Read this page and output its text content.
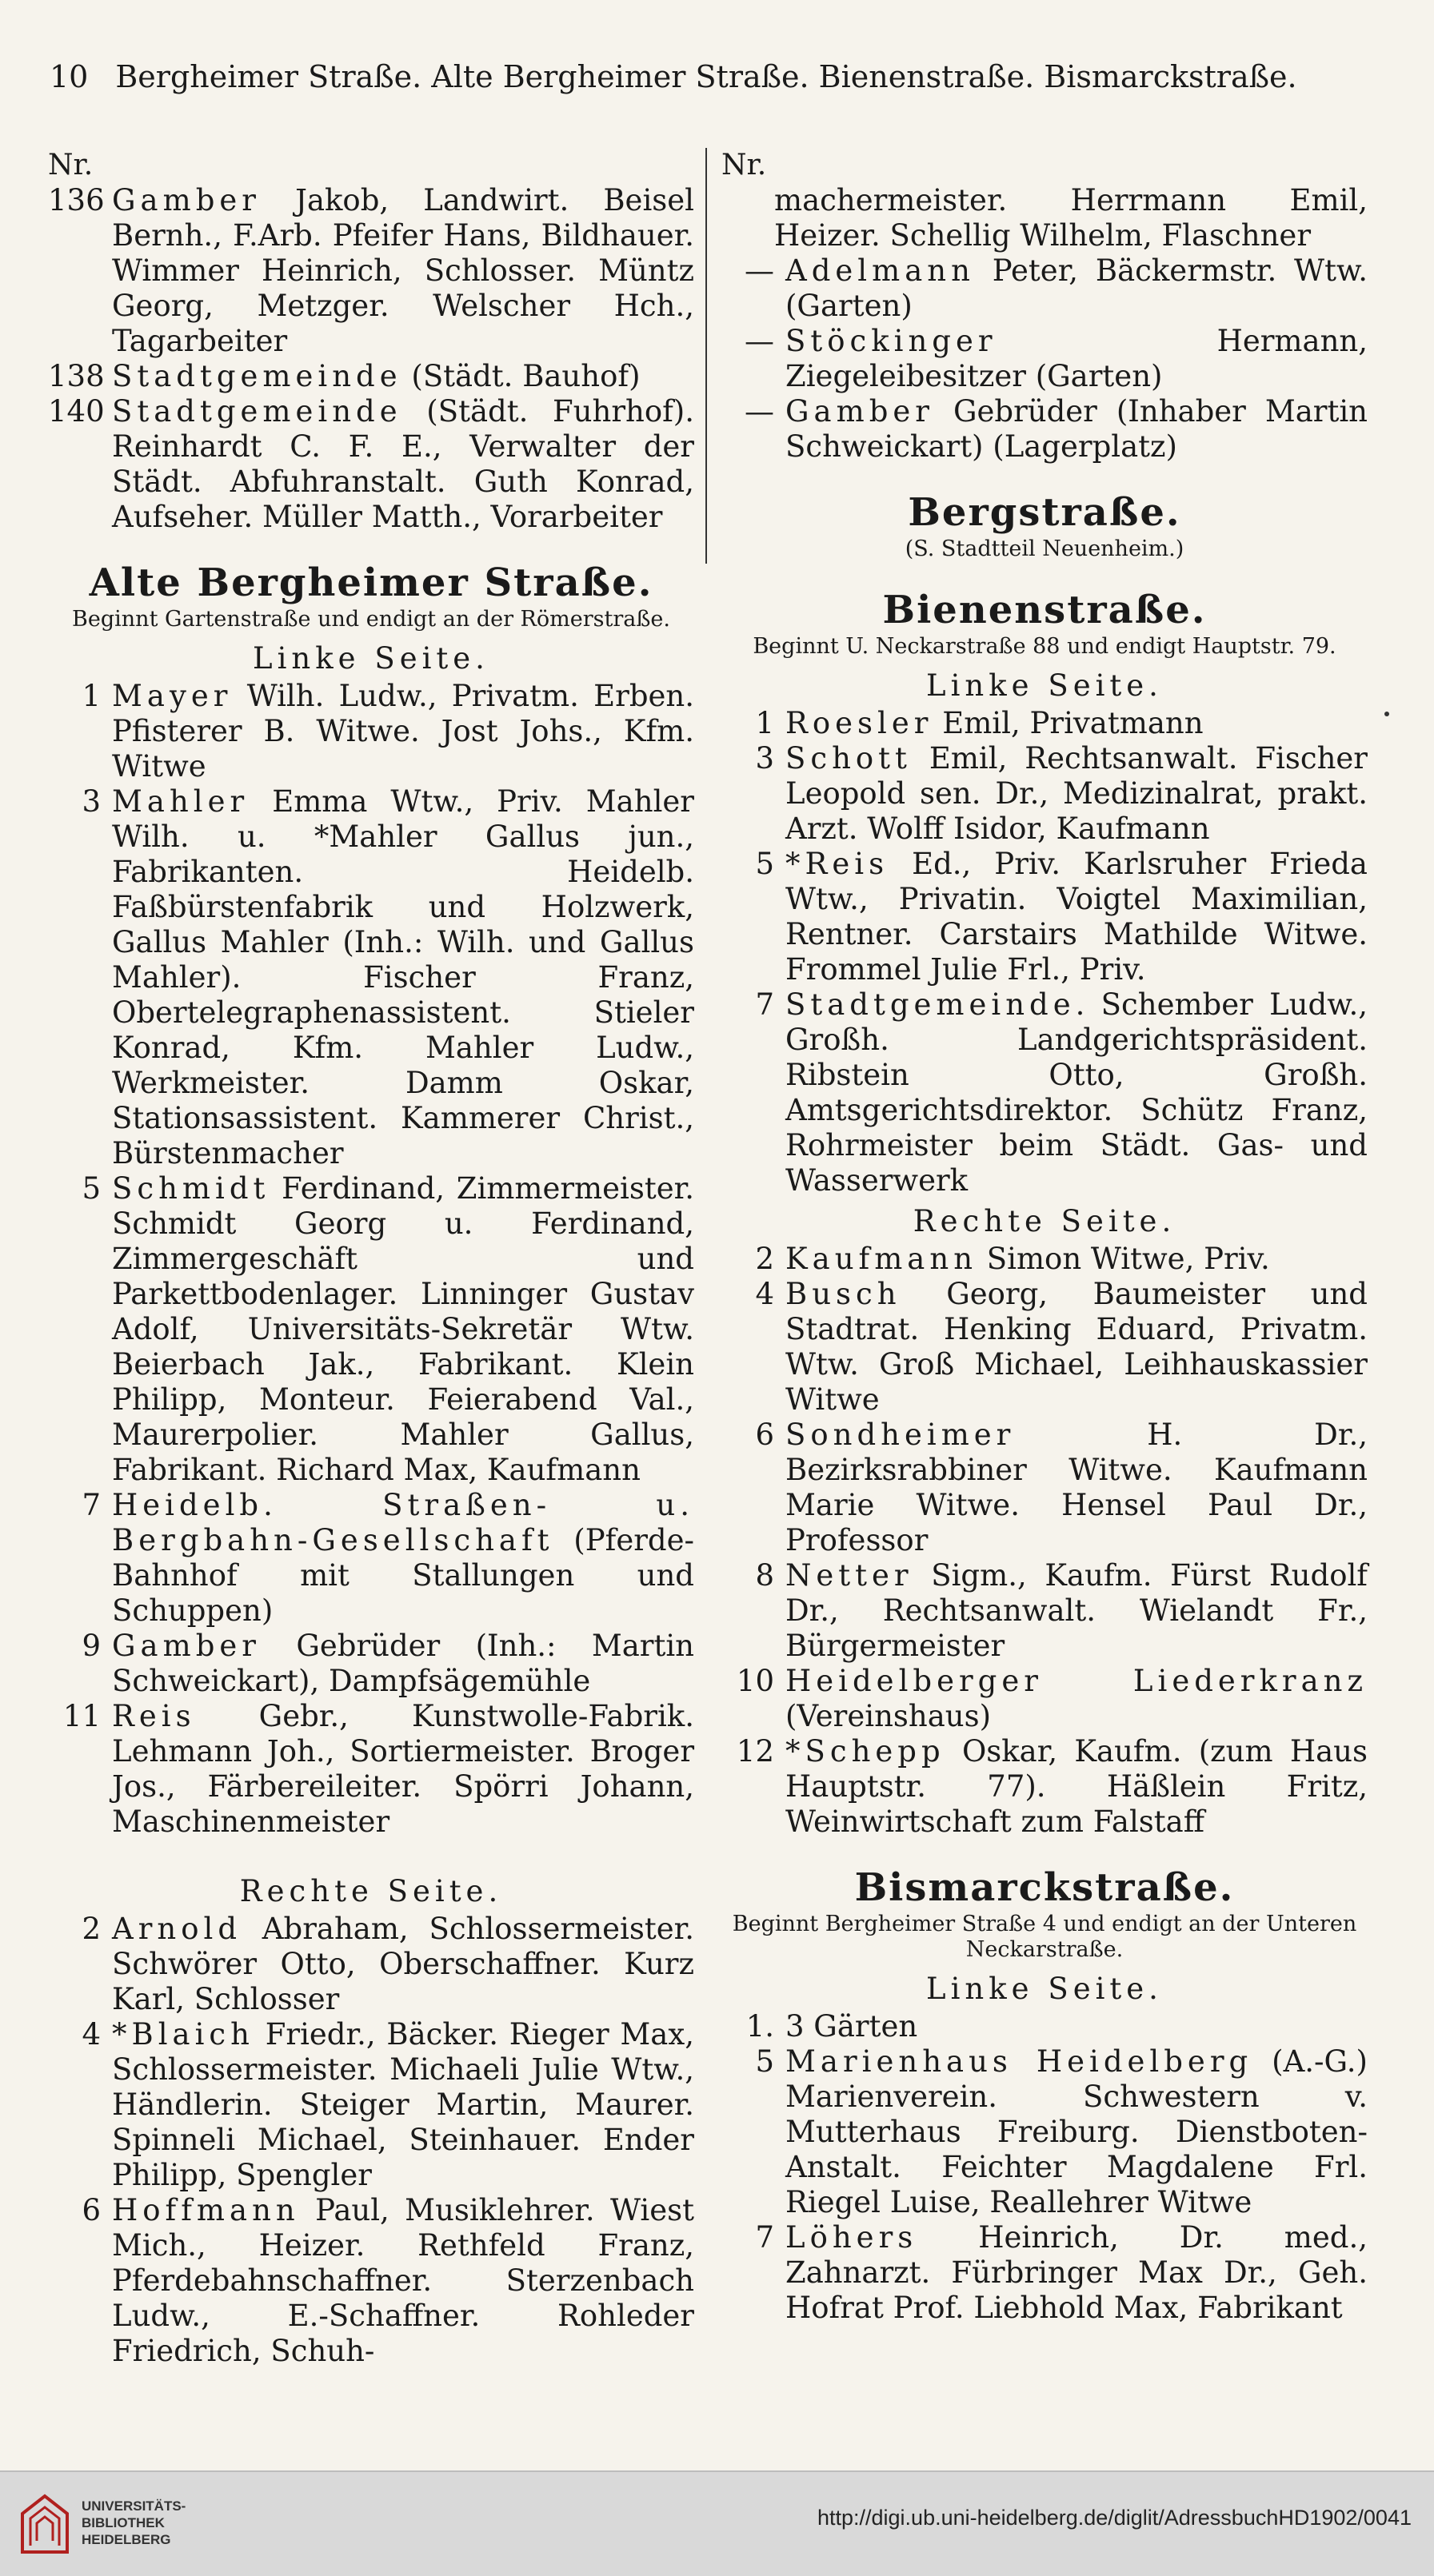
10 Bergheimer Straße. Alte Bergheimer Straße. Bienenstraße. Bismarckstraße.
Nr.
136 Gamber Jakob, Landwirt. Beisel Bernh., F.Arb. Pfeifer Hans, Bildhauer. Wimmer Heinrich, Schlosser. Müntz Georg, Metzger. Welscher Hch., Tagarbeiter
138 Stadtgemeinde (Städt. Bauhof)
140 Stadtgemeinde (Städt. Fuhrhof). Reinhardt C. F. E., Verwalter der Städt. Abfuhranstalt. Guth Konrad, Aufseher. Müller Matth., Vorarbeiter
Alte Bergheimer Straße.
Beginnt Gartenstraße und endigt an der Römerstraße.
Linke Seite.
1 Mayer Wilh. Ludw., Privatm. Erben. Pfisterer B. Witwe. Jost Johs., Kfm. Witwe
3 Mahler Emma Wtw., Priv. Mahler Wilh. u. *Mahler Gallus jun., Fabrikanten. Heidelb. Faßbürstenfabrik und Holzwerk, Gallus Mahler (Inh.: Wilh. und Gallus Mahler). Fischer Franz, Obertelegraphenassistent. Stieler Konrad, Kfm. Mahler Ludw., Werkmeister. Damm Oskar, Stationsassistent. Kammerer Christ., Bürstenmacher
5 Schmidt Ferdinand, Zimmermeister. Schmidt Georg u. Ferdinand, Zimmergeschäft und Parkettbodenlager. Linninger Gustav Adolf, Universitäts-Sekretär Wtw. Beierbach Jak., Fabrikant. Klein Philipp, Monteur. Feierabend Val., Maurerpolier. Mahler Gallus, Fabrikant. Richard Max, Kaufmann
7 Heidelb. Straßen- u. Bergbahn-Gesellschaft (Pferde-Bahnhof mit Stallungen und Schuppen)
9 Gamber Gebrüder (Inh.: Martin Schweickart), Dampfsägemühle
11 Reis Gebr., Kunstwolle-Fabrik. Lehmann Joh., Sortiermeister. Broger Jos., Färbereileiter. Spörri Johann, Maschinenmeister
Rechte Seite.
2 Arnold Abraham, Schlossermeister. Schwörer Otto, Oberschaffner. Kurz Karl, Schlosser
4 *Blaich Friedr., Bäcker. Rieger Max, Schlossermeister. Michaeli Julie Wtw., Händlerin. Steiger Martin, Maurer. Spinneli Michael, Steinhauer. Ender Philipp, Spengler
6 Hoffmann Paul, Musiklehrer. Wiest Mich., Heizer. Rethfeld Franz, Pferdebahnschaffner. Sterzenbach Ludw., E.-Schaffner. Rohleder Friedrich, Schuh-
Nr.
machermeister. Herrmann Emil, Heizer. Schellig Wilhelm, Flaschner
— Adelmann Peter, Bäckermstr. Wtw. (Garten)
— Stöckinger Hermann, Ziegeleibesitzer (Garten)
— Gamber Gebrüder (Inhaber Martin Schweickart) (Lagerplatz)
Bergstraße.
(S. Stadtteil Neuenheim.)
Bienenstraße.
Beginnt U. Neckarstraße 88 und endigt Hauptstr. 79.
Linke Seite.
1 Roesler Emil, Privatmann
3 Schott Emil, Rechtsanwalt. Fischer Leopold sen. Dr., Medizinalrat, prakt. Arzt. Wolff Isidor, Kaufmann
5 *Reis Ed., Priv. Karlsruher Frieda Wtw., Privatin. Voigtel Maximilian, Rentner. Carstairs Mathilde Witwe. Frommel Julie Frl., Priv.
7 Stadtgemeinde. Schember Ludw., Großh. Landgerichtspräsident. Ribstein Otto, Großh. Amtsgerichtsdirektor. Schütz Franz, Rohrmeister beim Städt. Gas- und Wasserwerk
Rechte Seite.
2 Kaufmann Simon Witwe, Priv.
4 Busch Georg, Baumeister und Stadtrat. Henking Eduard, Privatm. Wtw. Groß Michael, Leihhauskassier Witwe
6 Sondheimer H. Dr., Bezirksrabbiner Witwe. Kaufmann Marie Witwe. Hensel Paul Dr., Professor
8 Netter Sigm., Kaufm. Fürst Rudolf Dr., Rechtsanwalt. Wielandt Fr., Bürgermeister
10 Heidelberger Liederkranz (Vereinshaus)
12 *Schepp Oskar, Kaufm. (zum Haus Hauptstr. 77). Häßlein Fritz, Weinwirtschaft zum Falstaff
Bismarckstraße.
Beginnt Bergheimer Straße 4 und endigt an der Unteren Neckarstraße.
Linke Seite.
1. 3 Gärten
5 Marienhaus Heidelberg (A.-G.) Marienverein. Schwestern v. Mutterhaus Freiburg. Dienstboten-Anstalt. Feichter Magdalene Frl. Riegel Luise, Reallehrer Witwe
7 Löhers Heinrich, Dr. med., Zahnarzt. Fürbringer Max Dr., Geh. Hofrat Prof. Liebhold Max, Fabrikant
UNIVERSITÄTS-
BIBLIOTHEK
HEIDELBERG
http://digi.ub.uni-heidelberg.de/diglit/AdressbuchHD1902/0041
